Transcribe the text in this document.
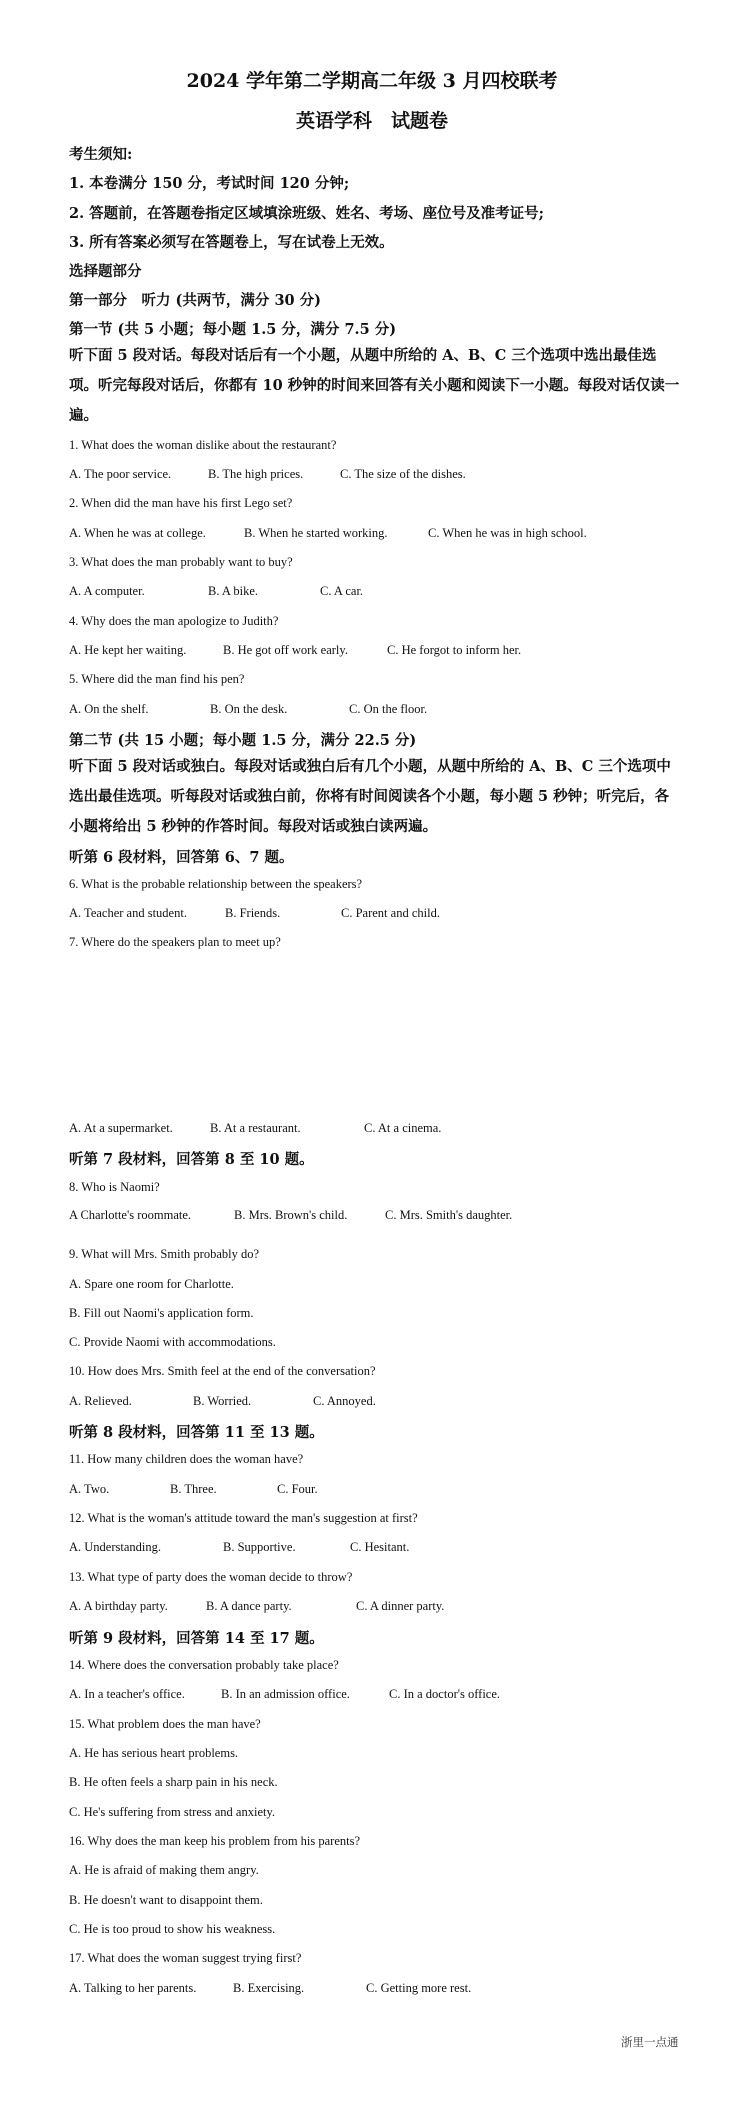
2024 学年第二学期高二年级 3 月四校联考
英语学科　试题卷
考生须知:
1. 本卷满分 150 分，考试时间 120 分钟;
2. 答题前，在答题卷指定区域填涂班级、姓名、考场、座位号及准考证号;
3. 所有答案必须写在答题卷上，写在试卷上无效。
选择题部分
第一部分　听力 (共两节，满分 30 分)
第一节 (共 5 小题；每小题 1.5 分，满分 7.5 分)
听下面 5 段对话。每段对话后有一个小题，从题中所给的 A、B、C 三个选项中选出最佳选项。听完每段对话后，你都有 10 秒钟的时间来回答有关小题和阅读下一小题。每段对话仅读一遍。
1. What does the woman dislike about the restaurant?
A. The poor service.	B. The high prices.	C. The size of the dishes.
2. When did the man have his first Lego set?
A. When he was at college.	B. When he started working.	C. When he was in high school.
3. What does the man probably want to buy?
A. A computer.	B. A bike.	C. A car.
4. Why does the man apologize to Judith?
A. He kept her waiting.	B. He got off work early.	C. He forgot to inform her.
5. Where did the man find his pen?
A. On the shelf.	B. On the desk.	C. On the floor.
第二节 (共 15 小题；每小题 1.5 分，满分 22.5 分)
听下面 5 段对话或独白。每段对话或独白后有几个小题，从题中所给的 A、B、C 三个选项中 选出最佳选项。听每段对话或独白前，你将有时间阅读各个小题，每小题 5 秒钟；听完后，各小题将给出 5 秒钟的作答时间。每段对话或独白读两遍。
听第 6 段材料，回答第 6、7 题。
6. What is the probable relationship between the speakers?
A. Teacher and student.	B. Friends.	C. Parent and child.
7. Where do the speakers plan to meet up?
A. At a supermarket.	B. At a restaurant.	C. At a cinema.
听第 7 段材料，回答第 8 至 10 题。
8. Who is Naomi?
A Charlotte's roommate.	B. Mrs. Brown's child.	C. Mrs. Smith's daughter.
9. What will Mrs. Smith probably do?
A. Spare one room for Charlotte.
B. Fill out Naomi's application form.
C. Provide Naomi with accommodations.
10. How does Mrs. Smith feel at the end of the conversation?
A. Relieved.	B. Worried.	C. Annoyed.
听第 8 段材料，回答第 11 至 13 题。
11. How many children does the woman have?
A. Two.	B. Three.	C. Four.
12. What is the woman's attitude toward the man's suggestion at first?
A. Understanding.	B. Supportive.	C. Hesitant.
13. What type of party does the woman decide to throw?
A. A birthday party.	B. A dance party.	C. A dinner party.
听第 9 段材料，回答第 14 至 17 题。
14. Where does the conversation probably take place?
A. In a teacher's office.	B. In an admission office.	C. In a doctor's office.
15. What problem does the man have?
A. He has serious heart problems.
B. He often feels a sharp pain in his neck.
C. He's suffering from stress and anxiety.
16. Why does the man keep his problem from his parents?
A. He is afraid of making them angry.
B. He doesn't want to disappoint them.
C. He is too proud to show his weakness.
17. What does the woman suggest trying first?
A. Talking to her parents.	B. Exercising.	C. Getting more rest.
浙里一点通
